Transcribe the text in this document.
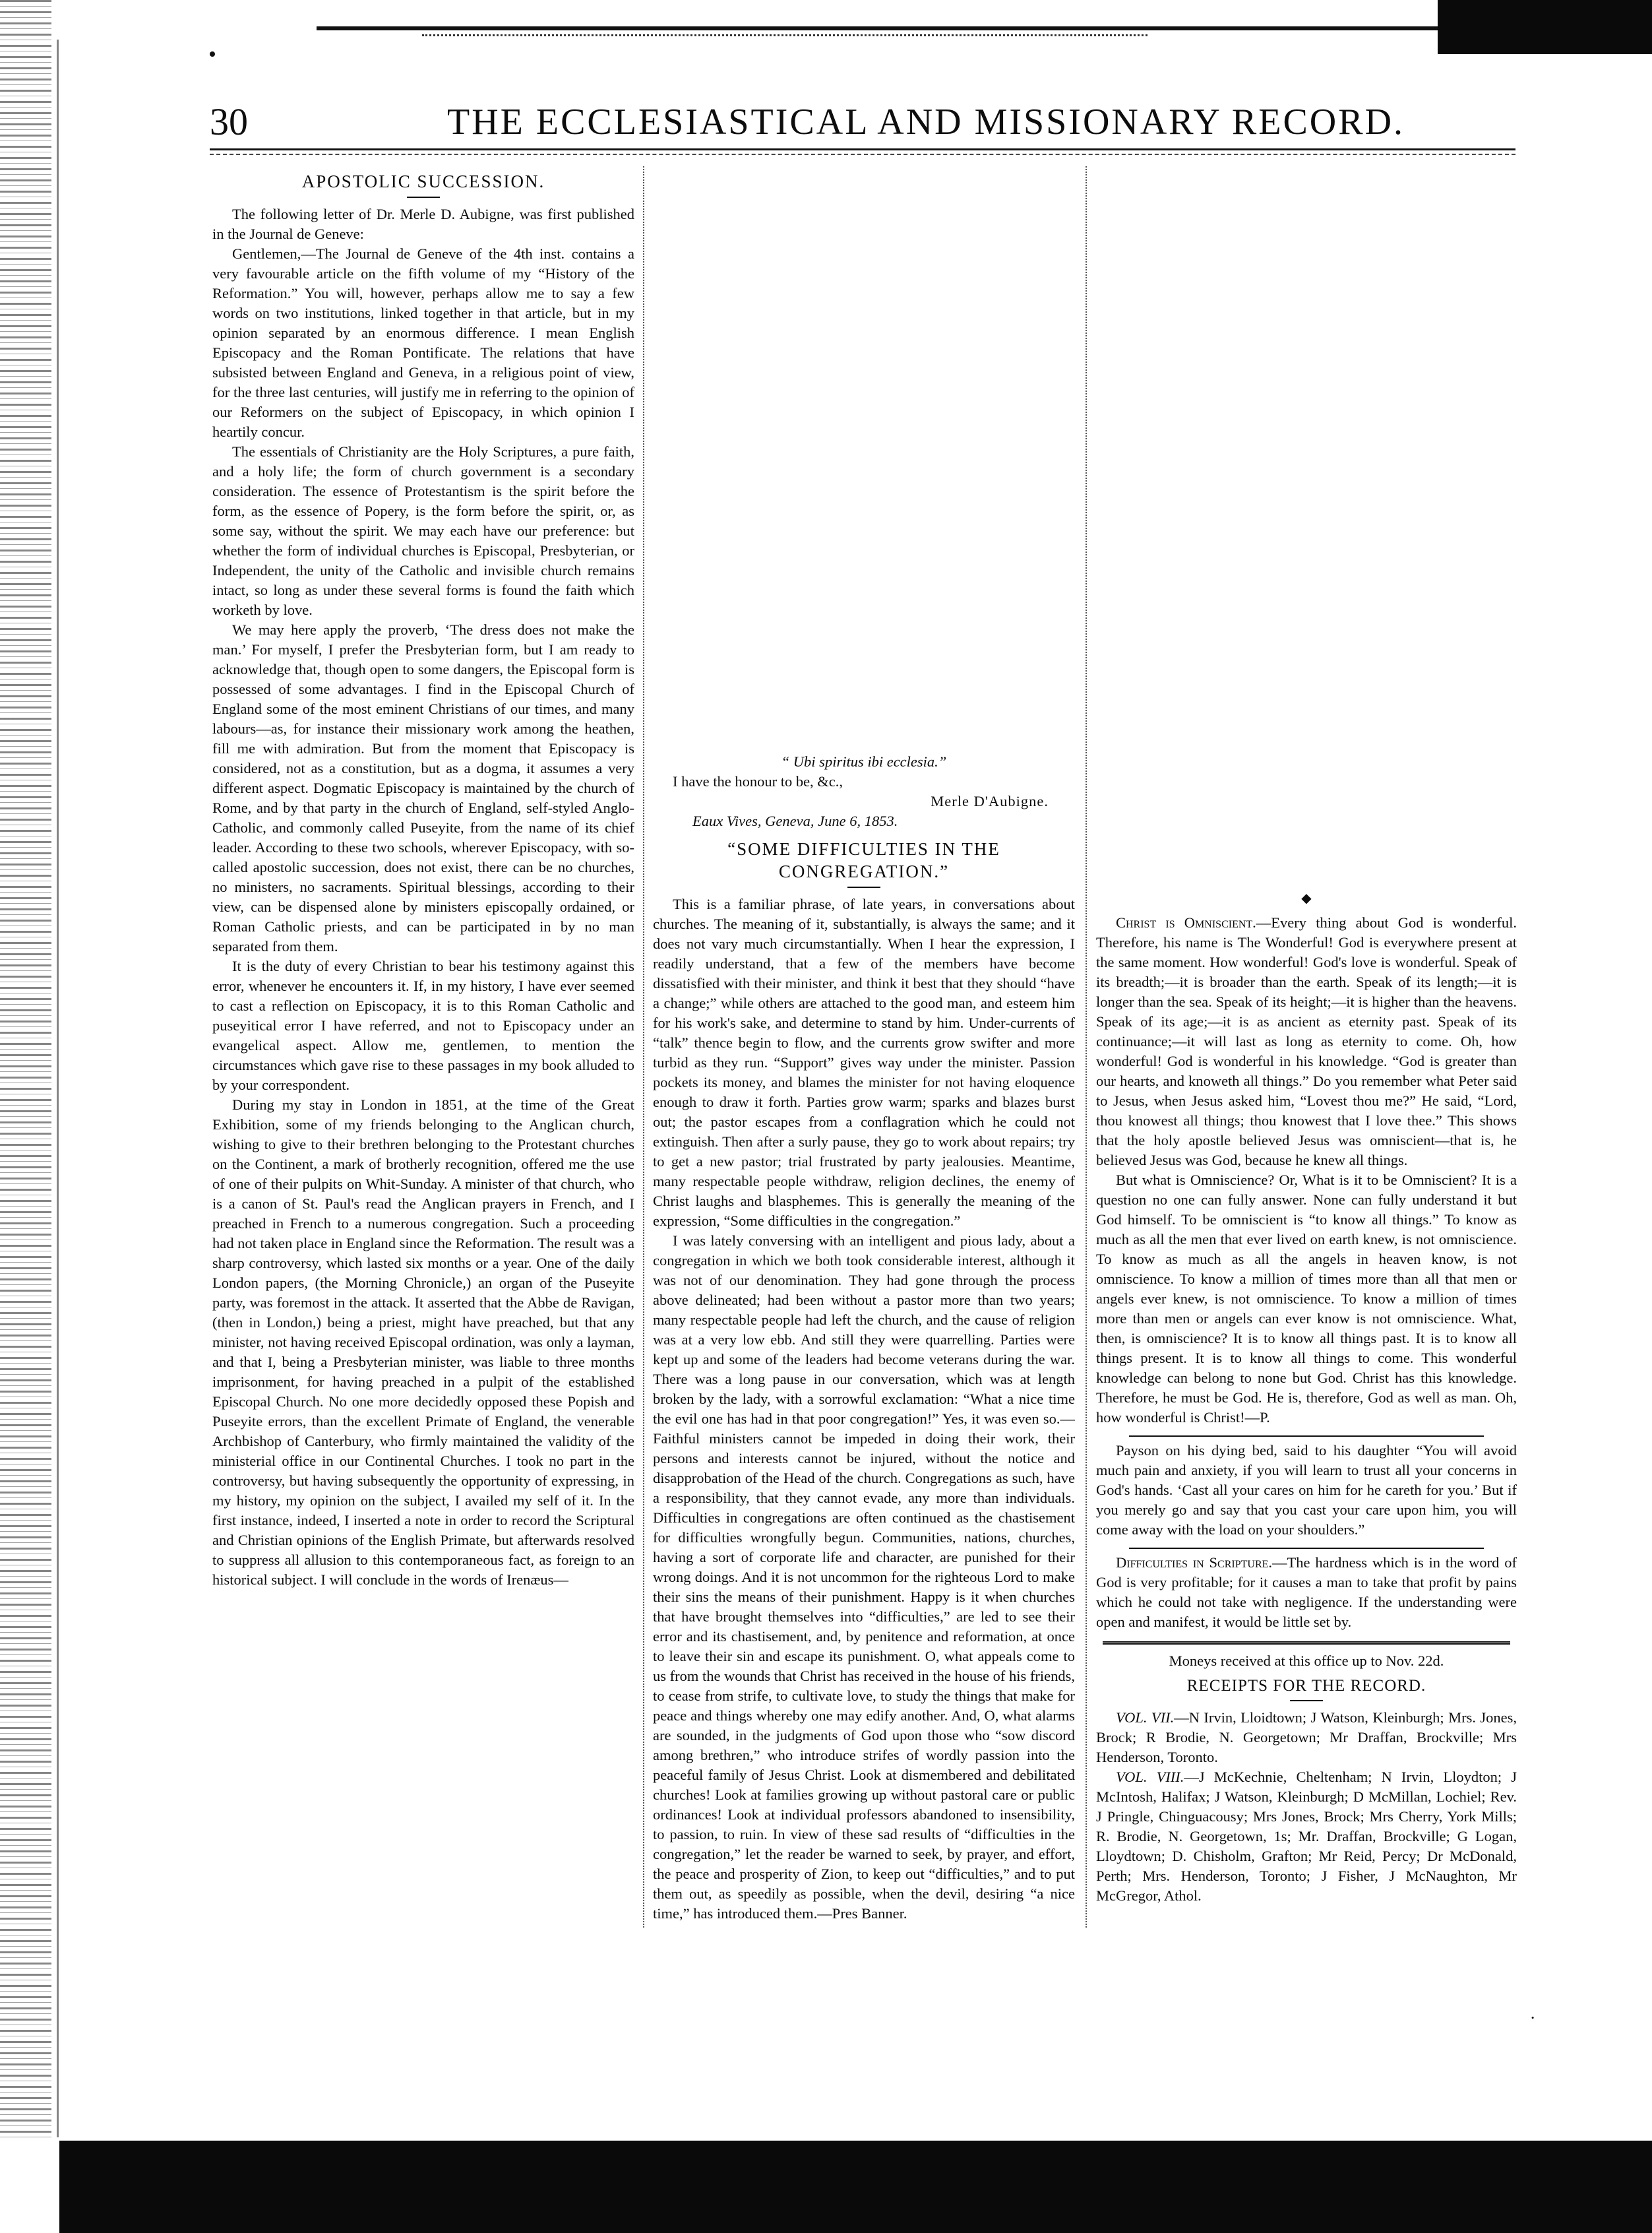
30	THE ECCLESIASTICAL AND MISSIONARY RECORD.
APOSTOLIC SUCCESSION.

The following letter of Dr. Merle D. Aubigne, was first published in the Journal de Geneve:

Gentlemen,—The Journal de Geneve of the 4th inst. contains a very favourable article on the fifth volume of my “History of the Reformation.” You will, however, perhaps allow me to say a few words on two institutions, linked together in that article, but in my opinion separated by an enormous difference. I mean English Episcopacy and the Roman Pontificate. The relations that have subsisted between England and Geneva, in a religious point of view, for the three last centuries, will justify me in referring to the opinion of our Reformers on the subject of Episcopacy, in which opinion I heartily concur.

The essentials of Christianity are the Holy Scriptures, a pure faith, and a holy life; the form of church government is a secondary consideration. The essence of Protestantism is the spirit before the form, as the essence of Popery, is the form before the spirit, or, as some say, without the spirit. We may each have our preference: but whether the form of individual churches is Episcopal, Presbyterian, or Independent, the unity of the Catholic and invisible church remains intact, so long as under these several forms is found the faith which worketh by love.

We may here apply the proverb, ‘The dress does not make the man.’ For myself, I prefer the Presbyterian form, but I am ready to acknowledge that, though open to some dangers, the Episcopal form is possessed of some advantages. I find in the Episcopal Church of England some of the most eminent Christians of our times, and many labours—as, for instance their missionary work among the heathen, fill me with admiration. But from the moment that Episcopacy is considered, not as a constitution, but as a dogma, it assumes a very different aspect. Dogmatic Episcopacy is maintained by the church of Rome, and by that party in the church of England, self-styled Anglo-Catholic, and commonly called Puseyite, from the name of its chief leader. According to these two schools, wherever Episcopacy, with so-called apostolic succession, does not exist, there can be no churches, no ministers, no sacraments. Spiritual blessings, according to their view, can be dispensed alone by ministers episcopally ordained, or Roman Catholic priests, and can be participated in by no man separated from them.

It is the duty of every Christian to bear his testimony against this error, whenever he encounters it. If, in my history, I have ever seemed to cast a reflection on Episcopacy, it is to this Roman Catholic and puseyitical error I have referred, and not to Episcopacy under an evangelical aspect. Allow me, gentlemen, to mention the circumstances which gave rise to these passages in my book alluded to by your correspondent.

During my stay in London in 1851, at the time of the Great Exhibition, some of my friends belonging to the Anglican church, wishing to give to their brethren belonging to the Protestant churches on the Continent, a mark of brotherly recognition, offered me the use of one of their pulpits on Whit-Sunday. A minister of that church, who is a canon of St. Paul's read the Anglican prayers in French, and I preached in French to a numerous congregation. Such a proceeding had not taken place in England since the Reformation. The result was a sharp controversy, which lasted six months or a year. One of the daily London papers, (the Morning Chronicle,) an organ of the Puseyite party, was foremost in the attack. It asserted that the Abbe de Ravigan, (then in London,) being a priest, might have preached, but that any minister, not having received Episcopal ordination, was only a layman, and that I, being a Presbyterian minister, was liable to three months imprisonment, for having preached in a pulpit of the established Episcopal Church. No one more decidedly opposed these Popish and Puseyite errors, than the excellent Primate of England, the venerable Archbishop of Canterbury, who firmly maintained the validity of the ministerial office in our Continental Churches. I took no part in the controversy, but having subsequently the opportunity of expressing, in my history, my opinion on the subject, I availed my self of it. In the first instance, indeed, I inserted a note in order to record the Scriptural and Christian opinions of the English Primate, but afterwards resolved to suppress all allusion to this contemporaneous fact, as foreign to an historical subject. I will conclude in the words of Irenæus—

“ Ubi spiritus ibi ecclesia.”

I have the honour to be, &c.,

Merle D'Aubigne.

Eaux Vives, Geneva, June 6, 1853.

“SOME DIFFICULTIES IN THE CONGREGATION.”

This is a familiar phrase, of late years, in conversations about churches. The meaning of it, substantially, is always the same; and it does not vary much circumstantially. When I hear the expression, I readily understand, that a few of the members have become dissatisfied with their minister, and think it best that they should “have a change;” while others are attached to the good man, and esteem him for his work's sake, and determine to stand by him. Under-currents of “talk” thence begin to flow, and the currents grow swifter and more turbid as they run. “Support” gives way under the minister. Passion pockets its money, and blames the minister for not having eloquence enough to draw it forth. Parties grow warm; sparks and blazes burst out; the pastor escapes from a conflagration which he could not extinguish. Then after a surly pause, they go to work about repairs; try to get a new pastor; trial frustrated by party jealousies. Meantime, many respectable people withdraw, religion declines, the enemy of Christ laughs and blasphemes. This is generally the meaning of the expression, “Some difficulties in the congregation.”

I was lately conversing with an intelligent and pious lady, about a congregation in which we both took considerable interest, although it was not of our denomination. They had gone through the process above delineated; had been without a pastor more than two years; many respectable people had left the church, and the cause of religion was at a very low ebb. And still they were quarrelling. Parties were kept up and some of the leaders had become veterans during the war. There was a long pause in our conversation, which was at length broken by the lady, with a sorrowful exclamation: “What a nice time the evil one has had in that poor congregation!” Yes, it was even so.—Faithful ministers cannot be impeded in doing their work, their persons and interests cannot be injured, without the notice and disapprobation of the Head of the church. Congregations as such, have a responsibility, that they cannot evade, any more than individuals. Difficulties in congregations are often continued as the chastisement for difficulties wrongfully begun. Communities, nations, churches, having a sort of corporate life and character, are punished for their wrong doings. And it is not uncommon for the righteous Lord to make their sins the means of their punishment. Happy is it when churches that have brought themselves into “difficulties,” are led to see their error and its chastisement, and, by penitence and reformation, at once to leave their sin and escape its punishment. O, what appeals come to us from the wounds that Christ has received in the house of his friends, to cease from strife, to cultivate love, to study the things that make for peace and things whereby one may edify another. And, O, what alarms are sounded, in the judgments of God upon those who “sow discord among brethren,” who introduce strifes of wordly passion into the peaceful family of Jesus Christ. Look at dismembered and debilitated churches! Look at families growing up without pastoral care or public ordinances! Look at individual professors abandoned to insensibility, to passion, to ruin. In view of these sad results of “difficulties in the congregation,” let the reader be warned to seek, by prayer, and effort, the peace and prosperity of Zion, to keep out “difficulties,” and to put them out, as speedily as possible, when the devil, desiring “a nice time,” has introduced them.—Pres Banner.

◆

Christ is Omniscient.—Every thing about God is wonderful. Therefore, his name is The Wonderful! God is everywhere present at the same moment. How wonderful! God's love is wonderful. Speak of its breadth;—it is broader than the earth. Speak of its length;—it is longer than the sea. Speak of its height;—it is higher than the heavens. Speak of its age;—it is as ancient as eternity past. Speak of its continuance;—it will last as long as eternity to come. Oh, how wonderful! God is wonderful in his knowledge. “God is greater than our hearts, and knoweth all things.” Do you remember what Peter said to Jesus, when Jesus asked him, “Lovest thou me?” He said, “Lord, thou knowest all things; thou knowest that I love thee.” This shows that the holy apostle believed Jesus was omniscient—that is, he believed Jesus was God, because he knew all things.

But what is Omniscience? Or, What is it to be Omniscient? It is a question no one can fully answer. None can fully understand it but God himself. To be omniscient is “to know all things.” To know as much as all the men that ever lived on earth knew, is not omniscience. To know as much as all the angels in heaven know, is not omniscience. To know a million of times more than all that men or angels ever knew, is not omniscience. To know a million of times more than men or angels can ever know is not omniscience. What, then, is omniscience? It is to know all things past. It is to know all things present. It is to know all things to come. This wonderful knowledge can belong to none but God. Christ has this knowledge. Therefore, he must be God. He is, therefore, God as well as man. Oh, how wonderful is Christ!—P.

Payson on his dying bed, said to his daughter “You will avoid much pain and anxiety, if you will learn to trust all your concerns in God's hands. ‘Cast all your cares on him for he careth for you.’ But if you merely go and say that you cast your care upon him, you will come away with the load on your shoulders.”

Difficulties in Scripture.—The hardness which is in the word of God is very profitable; for it causes a man to take that profit by pains which he could not take with negligence. If the understanding were open and manifest, it would be little set by.

Moneys received at this office up to Nov. 22d.

RECEIPTS FOR THE RECORD.

VOL. VII.—N Irvin, Lloidtown; J Watson, Kleinburgh; Mrs. Jones, Brock; R Brodie, N. Georgetown; Mr Draffan, Brockville; Mrs Henderson, Toronto.

VOL. VIII.—J McKechnie, Cheltenham; N Irvin, Lloydton; J McIntosh, Halifax; J Watson, Kleinburgh; D McMillan, Lochiel; Rev. J Pringle, Chinguacousy; Mrs Jones, Brock; Mrs Cherry, York Mills; R. Brodie, N. Georgetown, 1s; Mr. Draffan, Brockville; G Logan, Lloydtown; D. Chisholm, Grafton; Mr Reid, Percy; Dr McDonald, Perth; Mrs. Henderson, Toronto; J Fisher, J McNaughton, Mr McGregor, Athol.

⋅
